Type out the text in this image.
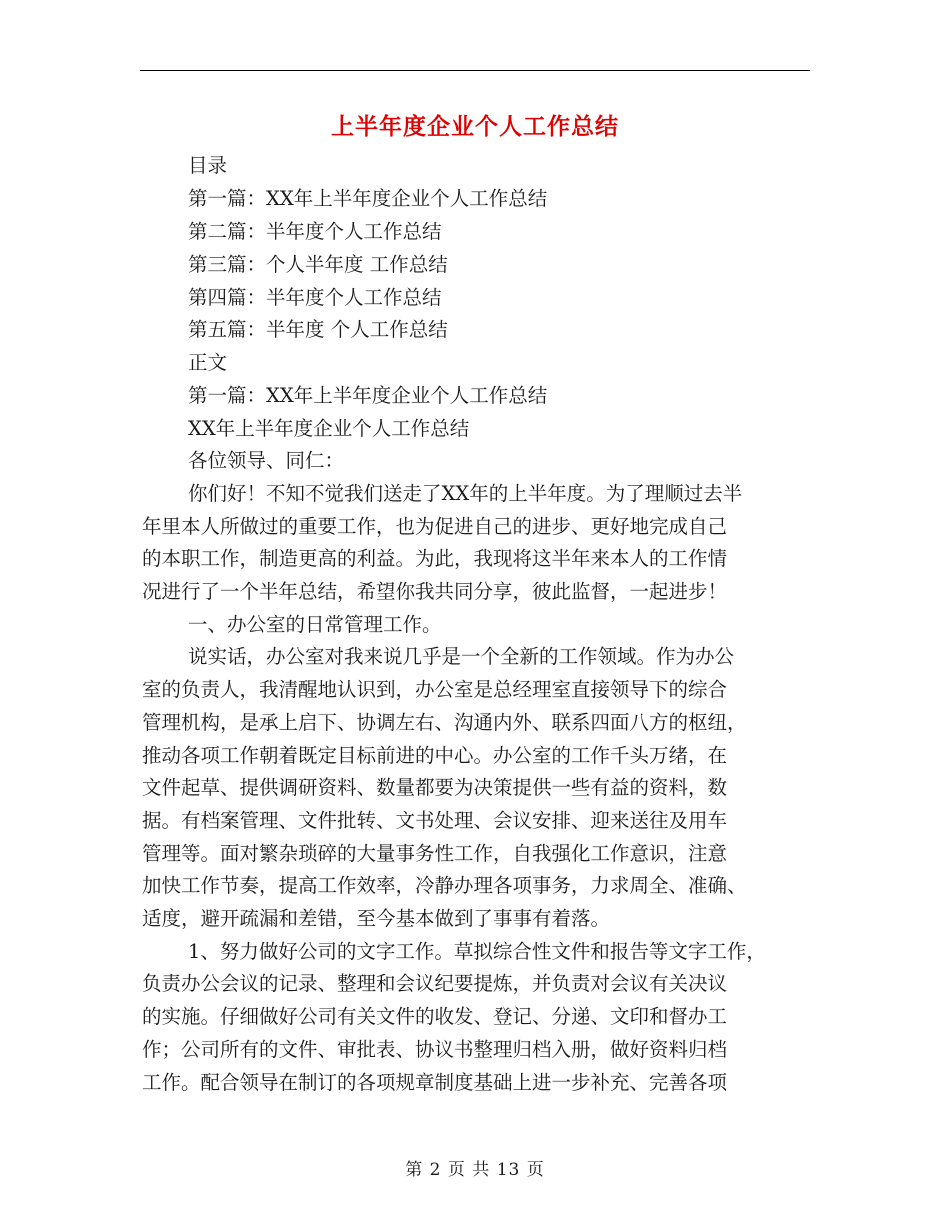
上半年度企业个人工作总结
目录
第一篇：XX年上半年度企业个人工作总结
第二篇：半年度个人工作总结
第三篇：个人半年度 工作总结
第四篇：半年度个人工作总结
第五篇：半年度 个人工作总结
正文
第一篇：XX年上半年度企业个人工作总结
XX年上半年度企业个人工作总结
各位领导、同仁：
你们好！不知不觉我们送走了XX年的上半年度。为了理顺过去半
年里本人所做过的重要工作，也为促进自己的进步、更好地完成自己
的本职工作，制造更高的利益。为此，我现将这半年来本人的工作情
况进行了一个半年总结，希望你我共同分享，彼此监督，一起进步！
一、办公室的日常管理工作。
说实话，办公室对我来说几乎是一个全新的工作领域。作为办公
室的负责人，我清醒地认识到，办公室是总经理室直接领导下的综合
管理机构，是承上启下、协调左右、沟通内外、联系四面八方的枢纽，
推动各项工作朝着既定目标前进的中心。办公室的工作千头万绪，在
文件起草、提供调研资料、数量都要为决策提供一些有益的资料，数
据。有档案管理、文件批转、文书处理、会议安排、迎来送往及用车
管理等。面对繁杂琐碎的大量事务性工作，自我强化工作意识，注意
加快工作节奏，提高工作效率，冷静办理各项事务，力求周全、准确、
适度，避开疏漏和差错，至今基本做到了事事有着落。
1、努力做好公司的文字工作。草拟综合性文件和报告等文字工作，
负责办公会议的记录、整理和会议纪要提炼，并负责对会议有关决议
的实施。仔细做好公司有关文件的收发、登记、分递、文印和督办工
作；公司所有的文件、审批表、协议书整理归档入册，做好资料归档
工作。配合领导在制订的各项规章制度基础上进一步补充、完善各项
第 2 页 共 13 页
